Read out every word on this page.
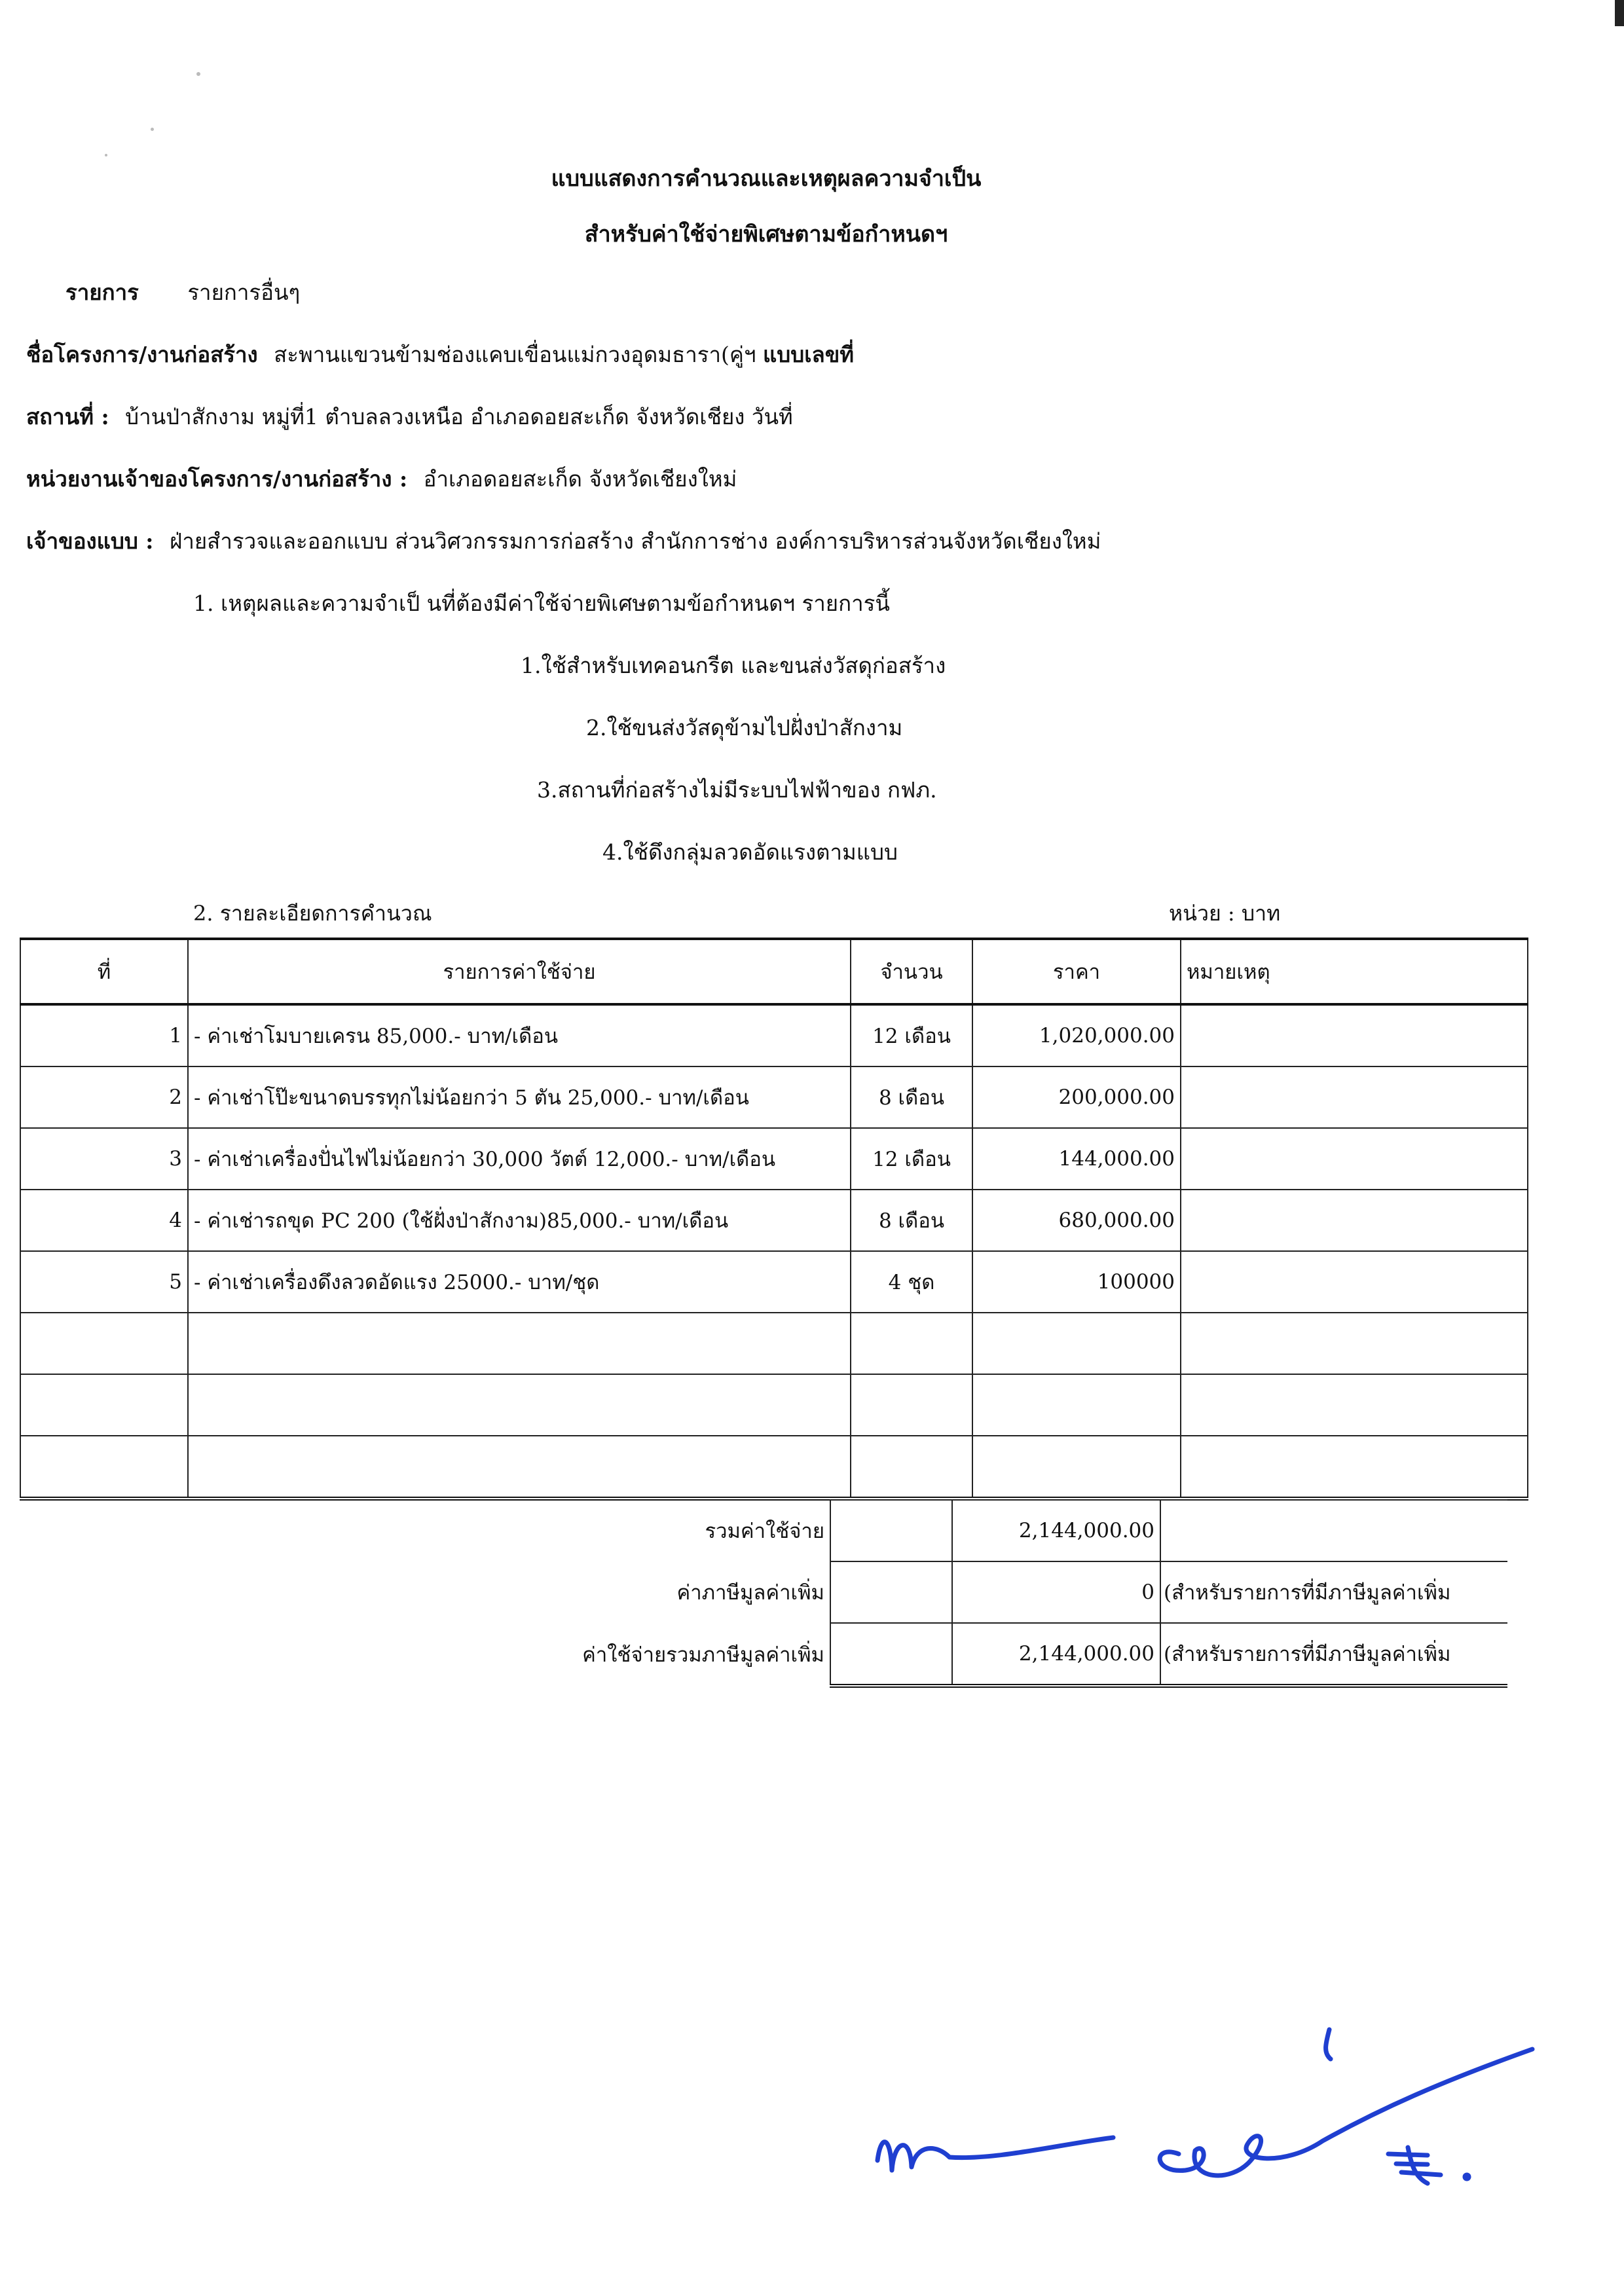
แบบแสดงการคำนวณและเหตุผลความจำเป็น
สำหรับค่าใช้จ่ายพิเศษตามข้อกำหนดฯ
รายการ รายการอื่นๆ
ชื่อโครงการ/งานก่อสร้าง สะพานแขวนข้ามช่องแคบเขื่อนแม่กวงอุดมธารา(คู่ฯ แบบเลขที่
สถานที่ : บ้านป่าสักงาม หมู่ที่1 ตำบลลวงเหนือ อำเภอดอยสะเก็ด จังหวัดเชียง วันที่
หน่วยงานเจ้าของโครงการ/งานก่อสร้าง : อำเภอดอยสะเก็ด จังหวัดเชียงใหม่
เจ้าของแบบ : ฝ่ายสำรวจและออกแบบ ส่วนวิศวกรรมการก่อสร้าง สำนักการช่าง องค์การบริหารส่วนจังหวัดเชียงใหม่
1. เหตุผลและความจำเป็ นที่ต้องมีค่าใช้จ่ายพิเศษตามข้อกำหนดฯ รายการนี้
1.ใช้สำหรับเทคอนกรีต และขนส่งวัสดุก่อสร้าง
2.ใช้ขนส่งวัสดุข้ามไปฝั่งป่าสักงาม
3.สถานที่ก่อสร้างไม่มีระบบไฟฟ้าของ กฟภ.
4.ใช้ดึงกลุ่มลวดอัดแรงตามแบบ
2. รายละเอียดการคำนวณ	หน่วย : บาท
ที่	รายการค่าใช้จ่าย	จำนวน	ราคา	หมายเหตุ
1	- ค่าเช่าโมบายเครน 85,000.- บาท/เดือน	12 เดือน	1,020,000.00	
2	- ค่าเช่าโป๊ะขนาดบรรทุกไม่น้อยกว่า 5 ตัน 25,000.- บาท/เดือน	8 เดือน	200,000.00	
3	- ค่าเช่าเครื่องปั่นไฟไม่น้อยกว่า 30,000 วัตต์ 12,000.- บาท/เดือน	12 เดือน	144,000.00	
4	- ค่าเช่ารถขุด PC 200 (ใช้ฝั่งป่าสักงาม)85,000.- บาท/เดือน	8 เดือน	680,000.00	
5	- ค่าเช่าเครื่องดึงลวดอัดแรง 25000.- บาท/ชุด	4 ชุด	100000	

รวมค่าใช้จ่าย		2,144,000.00	
ค่าภาษีมูลค่าเพิ่ม		0	(สำหรับรายการที่มีภาษีมูลค่าเพิ่ม
ค่าใช้จ่ายรวมภาษีมูลค่าเพิ่ม		2,144,000.00	(สำหรับรายการที่มีภาษีมูลค่าเพิ่ม
